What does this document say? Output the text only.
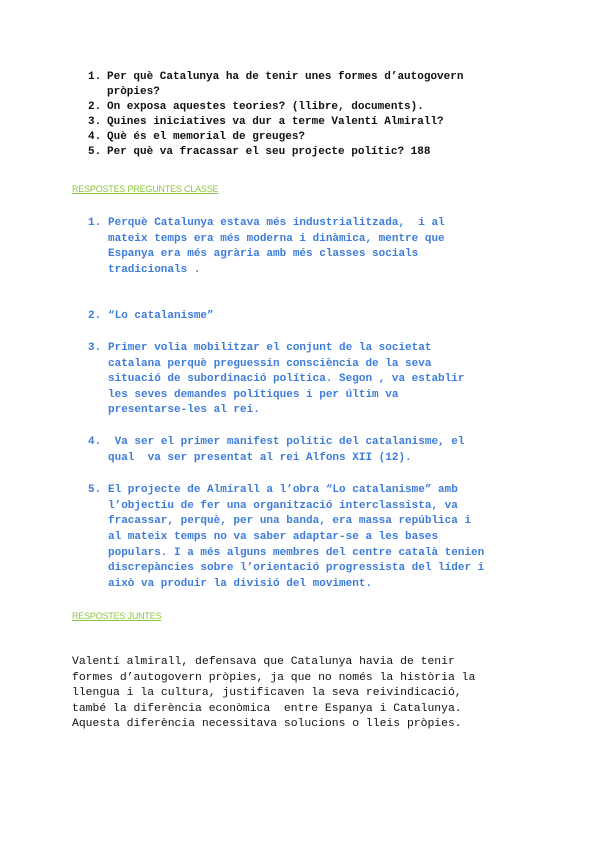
1. Per què Catalunya ha de tenir unes formes d’autogovern
pròpies?
2. On exposa aquestes teories? (llibre, documents).
3. Quines iniciatives va dur a terme Valentí Almirall?
4. Què és el memorial de greuges?
5. Per què va fracassar el seu projecte polític? 188
RESPOSTES PREGUNTES CLASSE
1. Perquè Catalunya estava més industrialitzada,  i al
mateix temps era més moderna i dinàmica, mentre que
Espanya era més agrària amb més classes socials
tradicionals .
2. “Lo catalanisme”
3. Primer volia mobilitzar el conjunt de la societat
catalana perquè preguessin consciència de la seva
situació de subordinació política. Segon , va establir
les seves demandes polítiques i per últim va
presentarse-les al rei.
4.	Va ser el primer manifest polític del catalanisme, el
qual  va ser presentat al rei Alfons XII (12).
5. El projecte de Almirall a l’obra “Lo catalanisme” amb
l’objectiu de fer una organització interclassista, va
fracassar, perquè, per una banda, era massa república i
al mateix temps no va saber adaptar-se a les bases
populars. I a més alguns membres del centre català tenien
discrepàncies sobre l’orientació progressista del líder i
això va produir la divisió del moviment.
RESPOSTES JUNTES

Valentí almirall, defensava que Catalunya havia de tenir
formes d’autogovern pròpies, ja que no només la història la
llengua i la cultura, justificaven la seva reivindicació,
també la diferència econòmica  entre Espanya i Catalunya.
Aquesta diferència necessitava solucions o lleis pròpies.
